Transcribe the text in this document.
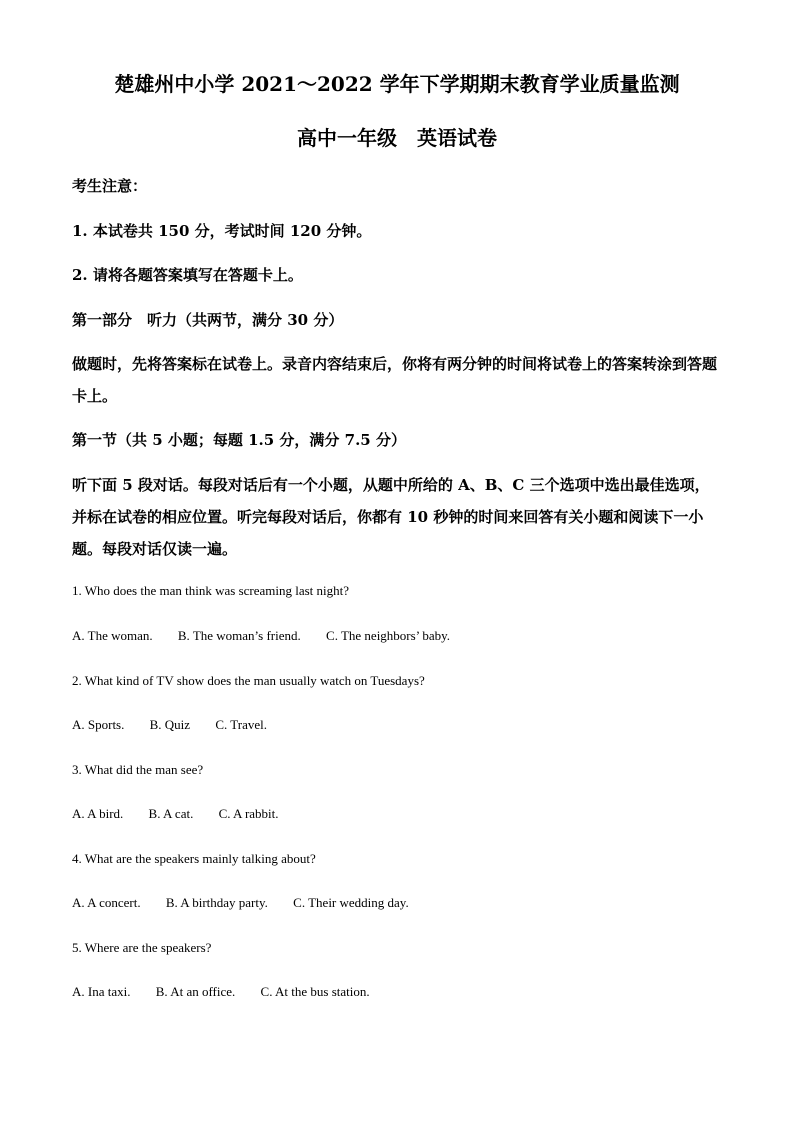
楚雄州中小学 2021～2022 学年下学期期末教育学业质量监测
高中一年级　英语试卷
考生注意：
1. 本试卷共 150 分，考试时间 120 分钟。
2. 请将各题答案填写在答题卡上。
第一部分　听力（共两节，满分 30 分）
做题时，先将答案标在试卷上。录音内容结束后，你将有两分钟的时间将试卷上的答案转涂到答题卡上。
第一节（共 5 小题；每题 1.5 分，满分 7.5 分）
听下面 5 段对话。每段对话后有一个小题，从题中所给的 A、B、C 三个选项中选出最佳选项，并标在试卷的相应位置。听完每段对话后，你都有 10 秒钟的时间来回答有关小题和阅读下一小题。每段对话仅读一遍。
1. Who does the man think was screaming last night?
A. The woman. B. The woman’s friend. C. The neighbors’ baby.
2. What kind of TV show does the man usually watch on Tuesdays?
A. Sports. B. Quiz C. Travel.
3. What did the man see?
A. A bird. B. A cat. C. A rabbit.
4. What are the speakers mainly talking about?
A. A concert. B. A birthday party. C. Their wedding day.
5. Where are the speakers?
A. Ina taxi. B. At an office. C. At the bus station.
